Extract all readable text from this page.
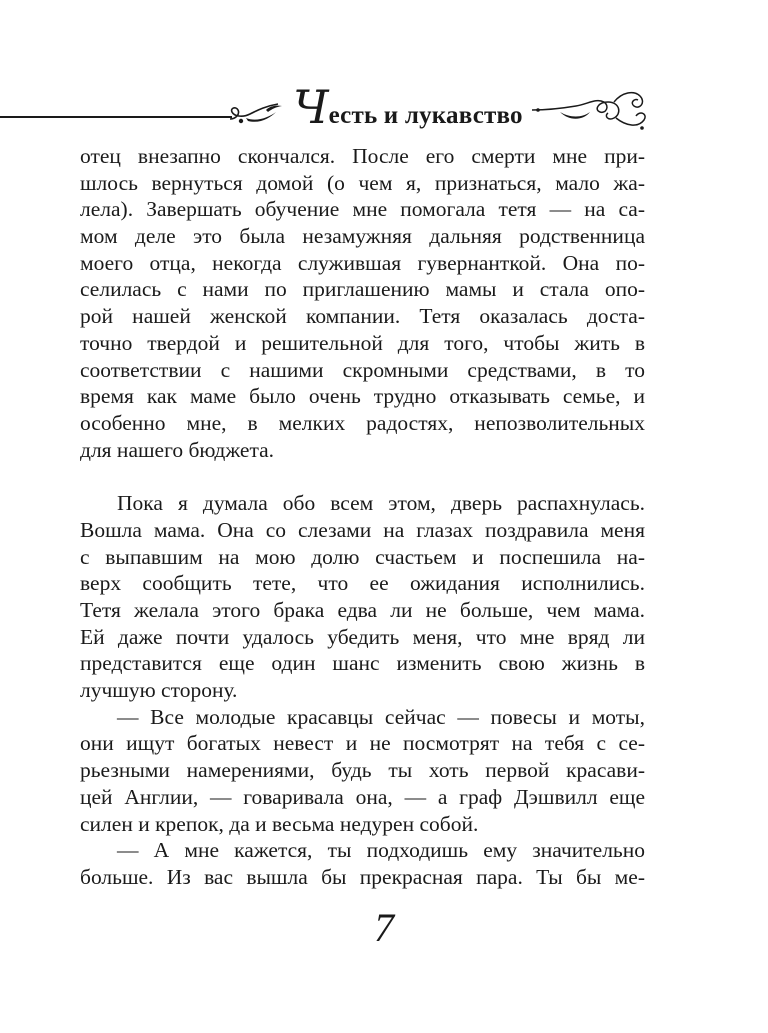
Честь и лукавство
отец внезапно скончался. После его смерти мне при-
шлось вернуться домой (о чем я, признаться, мало жа-
лела). Завершать обучение мне помогала тетя — на са-
мом деле это была незамужняя дальняя родственница
моего отца, некогда служившая гувернанткой. Она по-
селилась с нами по приглашению мамы и стала опо-
рой нашей женской компании. Тетя оказалась доста-
точно твердой и решительной для того, чтобы жить в
соответствии с нашими скромными средствами, в то
время как маме было очень трудно отказывать семье, и
особенно мне, в мелких радостях, непозволительных
для нашего бюджета.
Пока я думала обо всем этом, дверь распахнулась.
Вошла мама. Она со слезами на глазах поздравила меня
с выпавшим на мою долю счастьем и поспешила на-
верх сообщить тете, что ее ожидания исполнились.
Тетя желала этого брака едва ли не больше, чем мама.
Ей даже почти удалось убедить меня, что мне вряд ли
представится еще один шанс изменить свою жизнь в
лучшую сторону.
— Все молодые красавцы сейчас — повесы и моты,
они ищут богатых невест и не посмотрят на тебя с се-
рьезными намерениями, будь ты хоть первой красави-
цей Англии, — говаривала она, — а граф Дэшвилл еще
силен и крепок, да и весьма недурен собой.
— А мне кажется, ты подходишь ему значительно
больше. Из вас вышла бы прекрасная пара. Ты бы ме-
7
